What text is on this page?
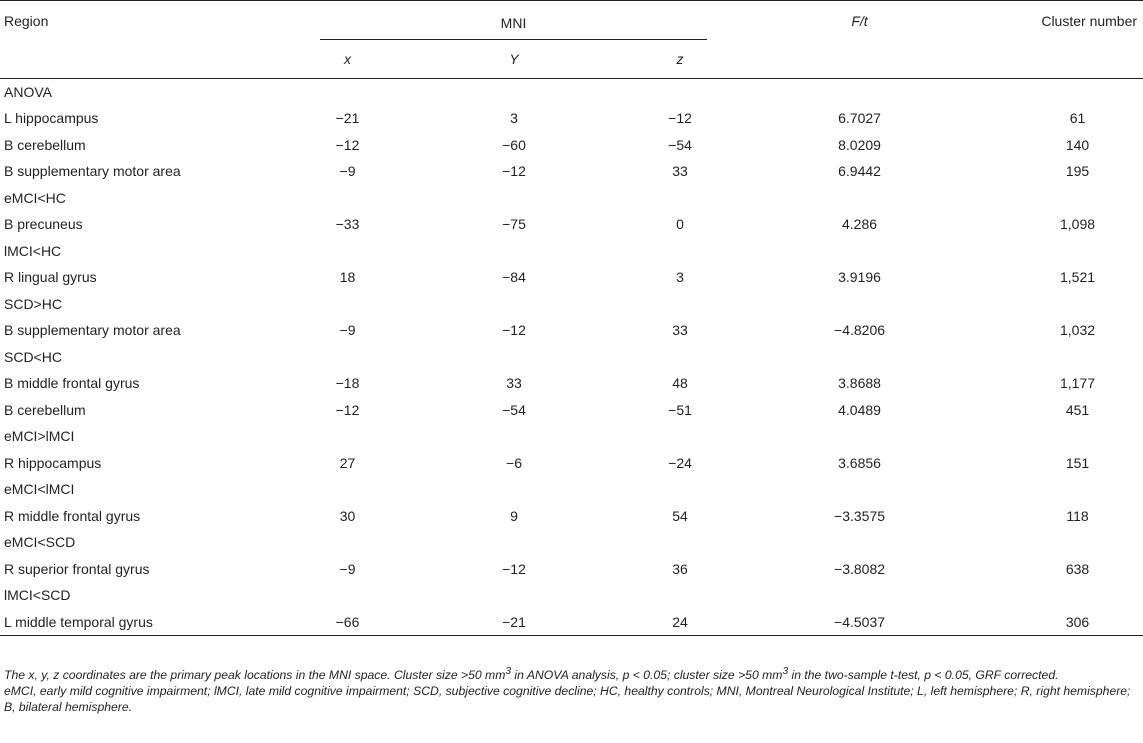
Region	MNI			F/t	Cluster number
	x	Y	z		
ANOVA					
L hippocampus	−21	3	−12	6.7027	61
B cerebellum	−12	−60	−54	8.0209	140
B supplementary motor area	−9	−12	33	6.9442	195
eMCI<HC					
B precuneus	−33	−75	0	4.286	1,098
lMCI<HC					
R lingual gyrus	18	−84	3	3.9196	1,521
SCD>HC					
B supplementary motor area	−9	−12	33	−4.8206	1,032
SCD<HC					
B middle frontal gyrus	−18	33	48	3.8688	1,177
B cerebellum	−12	−54	−51	4.0489	451
eMCI>lMCI					
R hippocampus	27	−6	−24	3.6856	151
eMCI<lMCI					
R middle frontal gyrus	30	9	54	−3.3575	118
eMCI<SCD					
R superior frontal gyrus	−9	−12	36	−3.8082	638
lMCI<SCD					
L middle temporal gyrus	−66	−21	24	−4.5037	306

The x, y, z coordinates are the primary peak locations in the MNI space. Cluster size >50 $mm^3$ in ANOVA analysis, p < 0.05; cluster size >50 $mm^3$ in the two-sample t-test, p < 0.05, GRF corrected.

eMCI, early mild cognitive impairment; lMCI, late mild cognitive impairment; SCD, subjective cognitive decline; HC, healthy controls; MNI, Montreal Neurological Institute; L, left hemisphere; R, right hemisphere; B, bilateral hemisphere.
